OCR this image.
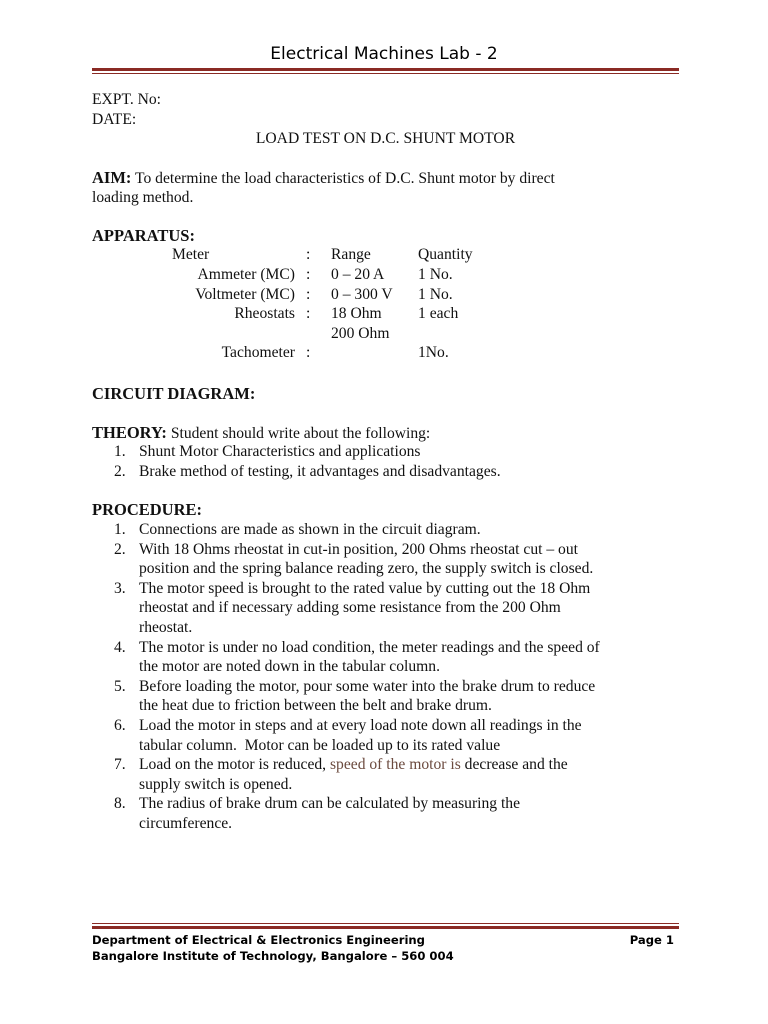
Electrical Machines Lab - 2
EXPT. No:
DATE:
LOAD TEST ON D.C. SHUNT MOTOR
AIM: To determine the load characteristics of D.C. Shunt motor by direct
loading method.
APPARATUS:
Meter	: Range	Quantity
Ammeter (MC) : 0 – 20 A 1 No.
Voltmeter (MC) : 0 – 300 V 1 No.
Rheostats : 18 Ohm 1 each
200 Ohm
Tachometer :	1No.
CIRCUIT DIAGRAM:
THEORY: Student should write about the following:
1. Shunt Motor Characteristics and applications
2. Brake method of testing, it advantages and disadvantages.
PROCEDURE:
1. Connections are made as shown in the circuit diagram.
2. With 18 Ohms rheostat in cut-in position, 200 Ohms rheostat cut – out
position and the spring balance reading zero, the supply switch is closed.
3. The motor speed is brought to the rated value by cutting out the 18 Ohm
rheostat and if necessary adding some resistance from the 200 Ohm
rheostat.
4. The motor is under no load condition, the meter readings and the speed of
the motor are noted down in the tabular column.
5. Before loading the motor, pour some water into the brake drum to reduce
the heat due to friction between the belt and brake drum.
6. Load the motor in steps and at every load note down all readings in the
tabular column.  Motor can be loaded up to its rated value
7. Load on the motor is reduced, speed of the motor is decrease and the
supply switch is opened.
8. The radius of brake drum can be calculated by measuring the
circumference.
Department of Electrical & Electronics Engineering	Page 1
Bangalore Institute of Technology, Bangalore – 560 004
